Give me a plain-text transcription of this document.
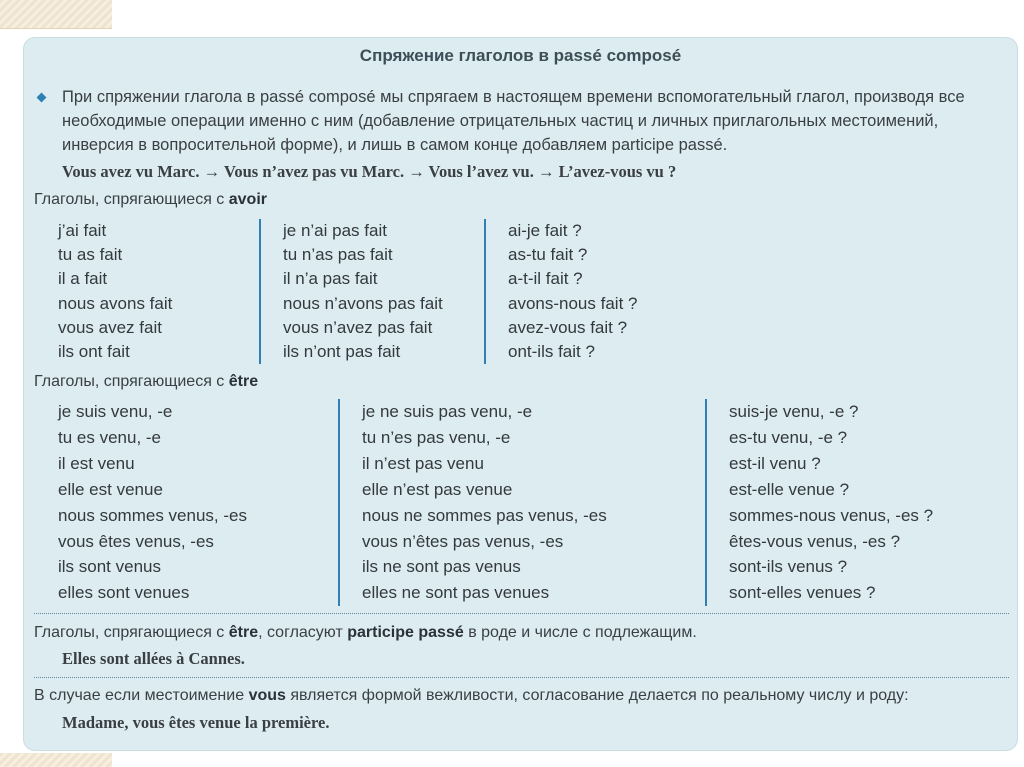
Спряжение глаголов в passé composé
При спряжении глагола в passé composé мы спрягаем в настоящем времени вспомогательный глагол, производя все необходимые операции именно с ним (добавление отрицательных частиц и личных приглагольных местоимений, инверсия в вопросительной форме), и лишь в самом конце добавляем participe passé.
Vous avez vu Marc. → Vous n’avez pas vu Marc. → Vous l’avez vu. → L’avez-vous vu ?
Глаголы, спрягающиеся с avoir
j’ai fait
tu as fait
il a fait
nous avons fait
vous avez fait
ils ont fait
je n’ai pas fait
tu n’as pas fait
il n’a pas fait
nous n’avons pas fait
vous n’avez pas fait
ils n’ont pas fait
ai-je fait ?
as-tu fait ?
a-t-il fait ?
avons-nous fait ?
avez-vous fait ?
ont-ils fait ?
Глаголы, спрягающиеся с être
je suis venu, -e
tu es venu, -e
il est venu
elle est venue
nous sommes venus, -es
vous êtes venus, -es
ils sont venus
elles sont venues
je ne suis pas venu, -e
tu n’es pas venu, -e
il n’est pas venu
elle n’est pas venue
nous ne sommes pas venus, -es
vous n’êtes pas venus, -es
ils ne sont pas venus
elles ne sont pas venues
suis-je venu, -e ?
es-tu venu, -e ?
est-il venu ?
est-elle venue ?
sommes-nous venus, -es ?
êtes-vous venus, -es ?
sont-ils venus ?
sont-elles venues ?
Глаголы, спрягающиеся с être, согласуют participe passé в роде и числе с подлежащим.
Elles sont allées à Cannes.
В случае если местоимение vous является формой вежливости, согласование делается по реальному числу и роду:
Madame, vous êtes venue la première.
